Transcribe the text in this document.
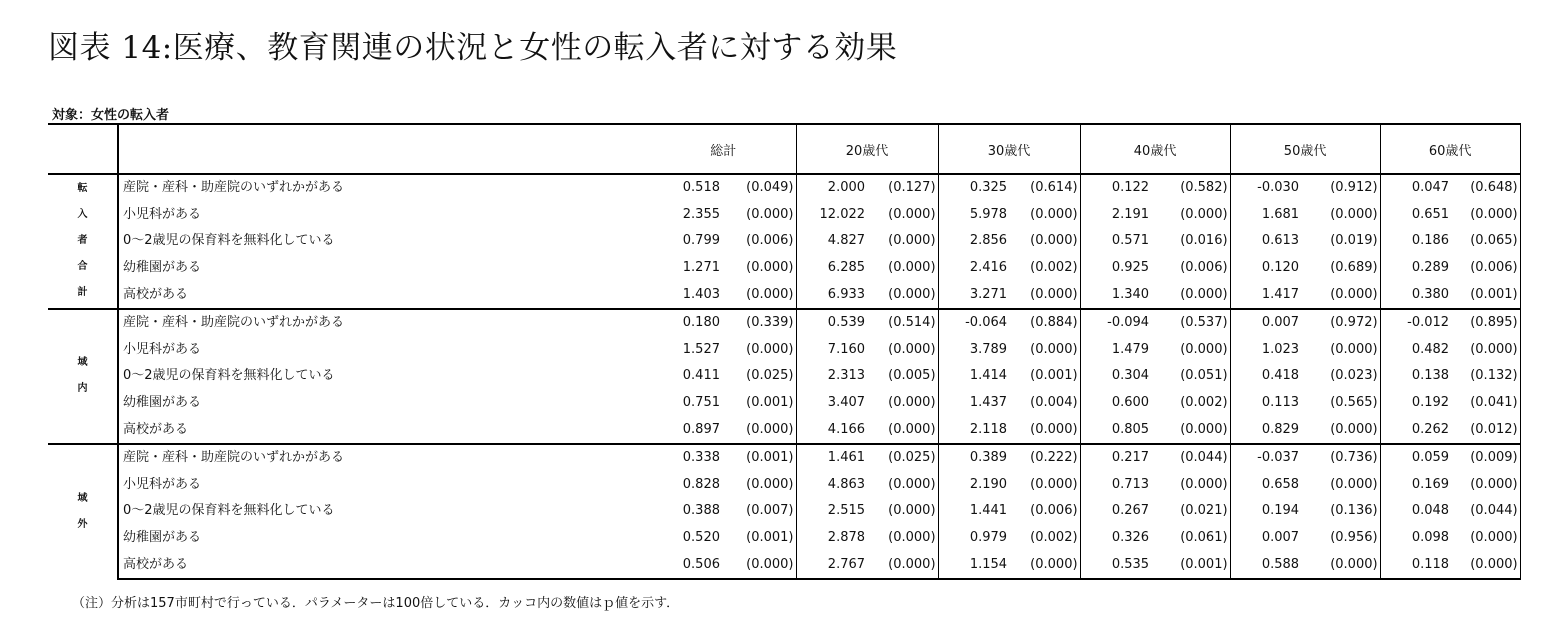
図表 14:医療、教育関連の状況と女性の転入者に対する効果
対象：女性の転入者
		総計		20歳代		30歳代		40歳代		50歳代		60歳代	
転
入
者
合
計	産院・産科・助産院のいずれかがある	0.518	(0.049)	2.000	(0.127)	0.325	(0.614)	0.122	(0.582)	-0.030	(0.912)	0.047	(0.648)
	小児科がある	2.355	(0.000)	12.022	(0.000)	5.978	(0.000)	2.191	(0.000)	1.681	(0.000)	0.651	(0.000)
	0～2歳児の保育料を無料化している	0.799	(0.006)	4.827	(0.000)	2.856	(0.000)	0.571	(0.016)	0.613	(0.019)	0.186	(0.065)
	幼稚園がある	1.271	(0.000)	6.285	(0.000)	2.416	(0.002)	0.925	(0.006)	0.120	(0.689)	0.289	(0.006)
	高校がある	1.403	(0.000)	6.933	(0.000)	3.271	(0.000)	1.340	(0.000)	1.417	(0.000)	0.380	(0.001)
域
内	産院・産科・助産院のいずれかがある	0.180	(0.339)	0.539	(0.514)	-0.064	(0.884)	-0.094	(0.537)	0.007	(0.972)	-0.012	(0.895)
	小児科がある	1.527	(0.000)	7.160	(0.000)	3.789	(0.000)	1.479	(0.000)	1.023	(0.000)	0.482	(0.000)
	0～2歳児の保育料を無料化している	0.411	(0.025)	2.313	(0.005)	1.414	(0.001)	0.304	(0.051)	0.418	(0.023)	0.138	(0.132)
	幼稚園がある	0.751	(0.001)	3.407	(0.000)	1.437	(0.004)	0.600	(0.002)	0.113	(0.565)	0.192	(0.041)
	高校がある	0.897	(0.000)	4.166	(0.000)	2.118	(0.000)	0.805	(0.000)	0.829	(0.000)	0.262	(0.012)
域
外	産院・産科・助産院のいずれかがある	0.338	(0.001)	1.461	(0.025)	0.389	(0.222)	0.217	(0.044)	-0.037	(0.736)	0.059	(0.009)
	小児科がある	0.828	(0.000)	4.863	(0.000)	2.190	(0.000)	0.713	(0.000)	0.658	(0.000)	0.169	(0.000)
	0～2歳児の保育料を無料化している	0.388	(0.007)	2.515	(0.000)	1.441	(0.006)	0.267	(0.021)	0.194	(0.136)	0.048	(0.044)
	幼稚園がある	0.520	(0.001)	2.878	(0.000)	0.979	(0.002)	0.326	(0.061)	0.007	(0.956)	0.098	(0.000)
	高校がある	0.506	(0.000)	2.767	(0.000)	1.154	(0.000)	0.535	(0.001)	0.588	(0.000)	0.118	(0.000)
（注）分析は157市町村で行っている．パラメーターは100倍している．カッコ内の数値はｐ値を示す．
